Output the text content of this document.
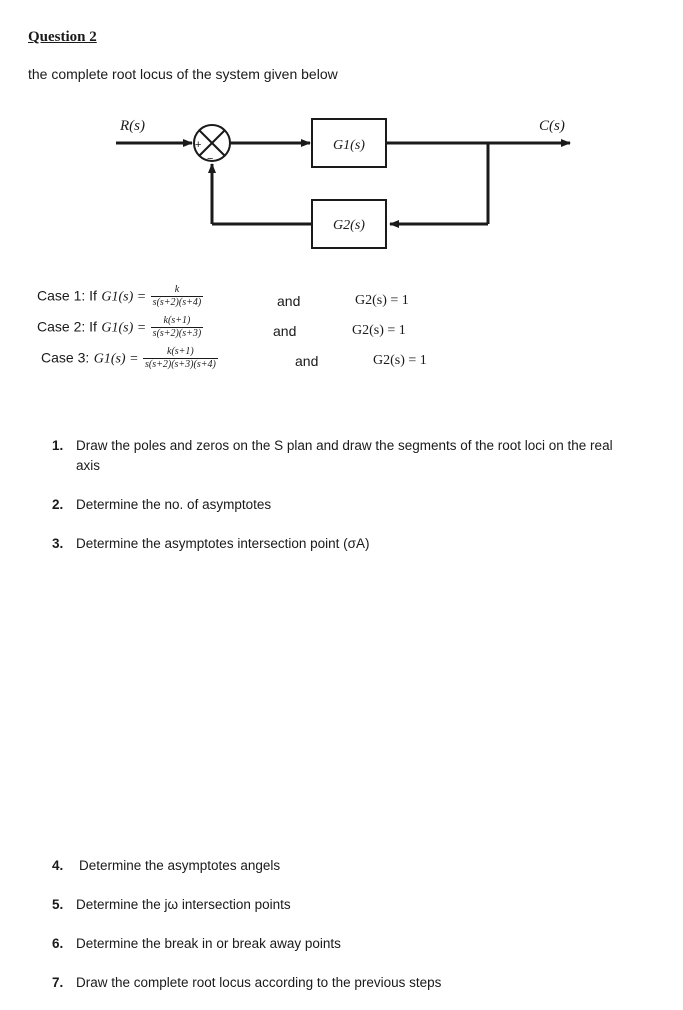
Question 2
the complete root locus of the system given below
+
−
G1(s)
G2(s)
R(s)	C(s)
Case 1: If $G1(s) = \frac{k}{s(s+2)(s+4)}$	and	G2(s) = 1
Case 2: If $G1(s) = \frac{k(s+1)}{s(s+2)(s+3)}$	and	G2(s) = 1
Case 3: $G1(s) = \frac{k(s+1)}{s(s+2)(s+3)(s+4)}$	and	G2(s) = 1
1. Draw the poles and zeros on the S plan and draw the segments of the root loci on the real
axis
2. Determine the no. of asymptotes
3. Determine the asymptotes intersection point (σA)
4. Determine the asymptotes angels
5. Determine the jω intersection points
6. Determine the break in or break away points
7. Draw the complete root locus according to the previous steps
